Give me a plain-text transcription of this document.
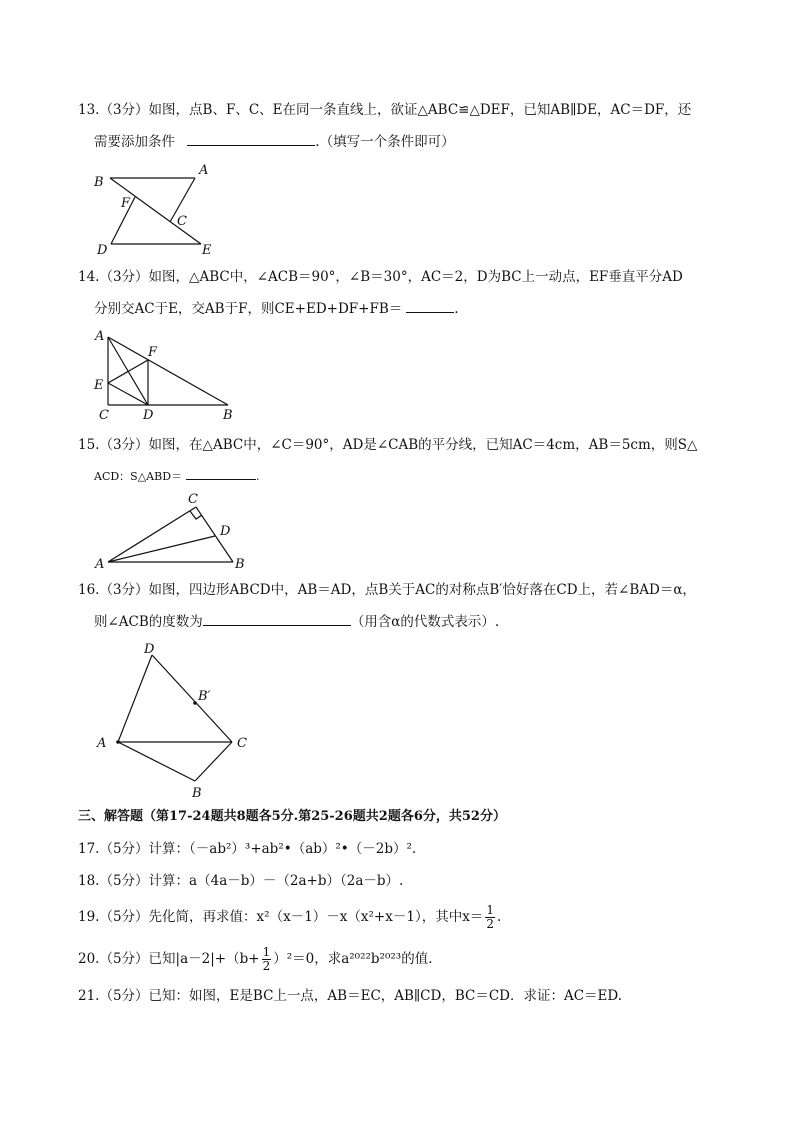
13.（3分）如图，点B、F、C、E在同一条直线上，欲证△ABC≌△DEF，已知AB∥DE，AC＝DF，还
需要添加条件	.（填写一个条件即可）
B
A
F
C
D	E
14.（3分）如图，△ABC中，∠ACB＝90°，∠B＝30°，AC＝2，D为BC上一动点，EF垂直平分AD
分别交AC于E，交AB于F，则CE+ED+DF+FB＝	.
A
F
E
C	D	B
15.（3分）如图，在△ABC中，∠C＝90°，AD是∠CAB的平分线，已知AC＝4cm，AB＝5cm，则S△
ACD：S△ABD＝	.
C
D
A	B
16.（3分）如图，四边形ABCD中，AB＝AD，点B关于AC的对称点B′恰好落在CD上，若∠BAD＝α，
则∠ACB的度数为	（用含α的代数式表示）.
D
B′
A	C
B
三、解答题（第17-24题共8题各5分.第25-26题共2题各6分，共52分）
17.（5分）计算：（－ab²）³+ab²•（ab）²•（－2b）².
18.（5分）计算：a（4a－b）－（2a+b）（2a－b）.
19.（5分）先化简，再求值：x²（x－1）－x（x²+x－1），其中$x= \frac{1}{2}$ .
20.（5分）已知$|a-2|+(b+ \frac{1}{2} )^2=0$，求a²⁰²²b²⁰²³的值.
21.（5分）已知：如图，E是BC上一点，AB＝EC，AB∥CD，BC＝CD．求证：AC＝ED.
